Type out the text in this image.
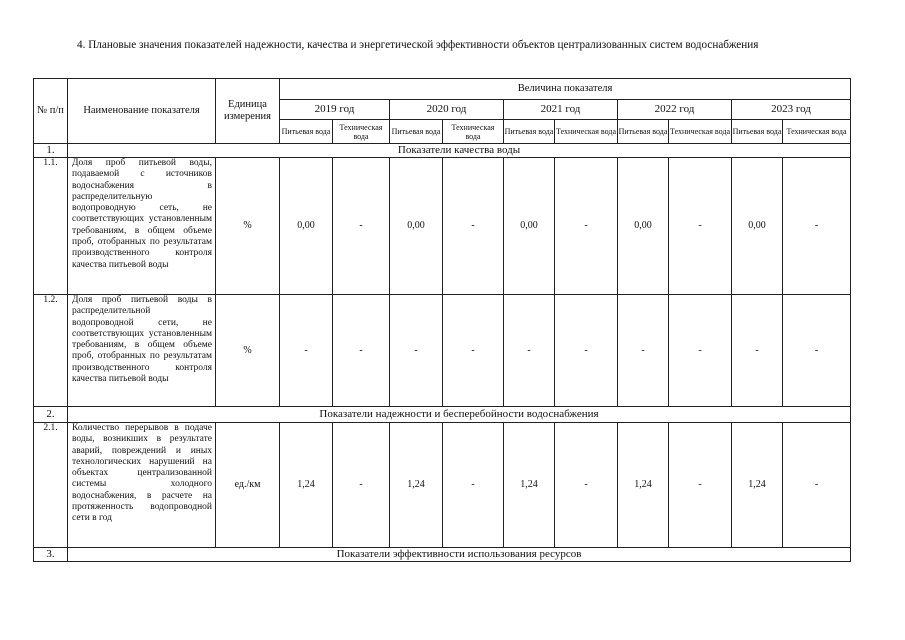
4. Плановые значения показателей надежности, качества и энергетической эффективности объектов централизованных систем водоснабжения
№ п/п	Наименование показателя	Единица измерения	Величина показателя									
			2019 год		2020 год		2021 год		2022 год		2023 год	
			Питьевая вода	Техническая вода	Питьевая вода	Техническая вода	Питьевая вода	Техническая вода	Питьевая вода	Техническая вода	Питьевая вода	Техническая вода
1.	Показатели качества воды											
1.1.	Доля проб питьевой воды, подаваемой с источников водоснабжения в распределительную водопроводную сеть, не соответствующих установленным требованиям, в общем объеме проб, отобранных по результатам производственного контроля качества питьевой воды	%	0,00	-	0,00	-	0,00	-	0,00	-	0,00	-
1.2.	Доля проб питьевой воды в распределительной водопроводной сети, не соответствующих установленным требованиям, в общем объеме проб, отобранных по результатам производственного контроля качества питьевой воды	%	-	-	-	-	-	-	-	-	-	-
2.	Показатели надежности и бесперебойности водоснабжения											
2.1.	Количество перерывов в подаче воды, возникших в результате аварий, повреждений и иных технологических нарушений на объектах централизованной системы холодного водоснабжения, в расчете на протяженность водопроводной сети в год	ед./км	1,24	-	1,24	-	1,24	-	1,24	-	1,24	-
3.	Показатели эффективности использования ресурсов											
